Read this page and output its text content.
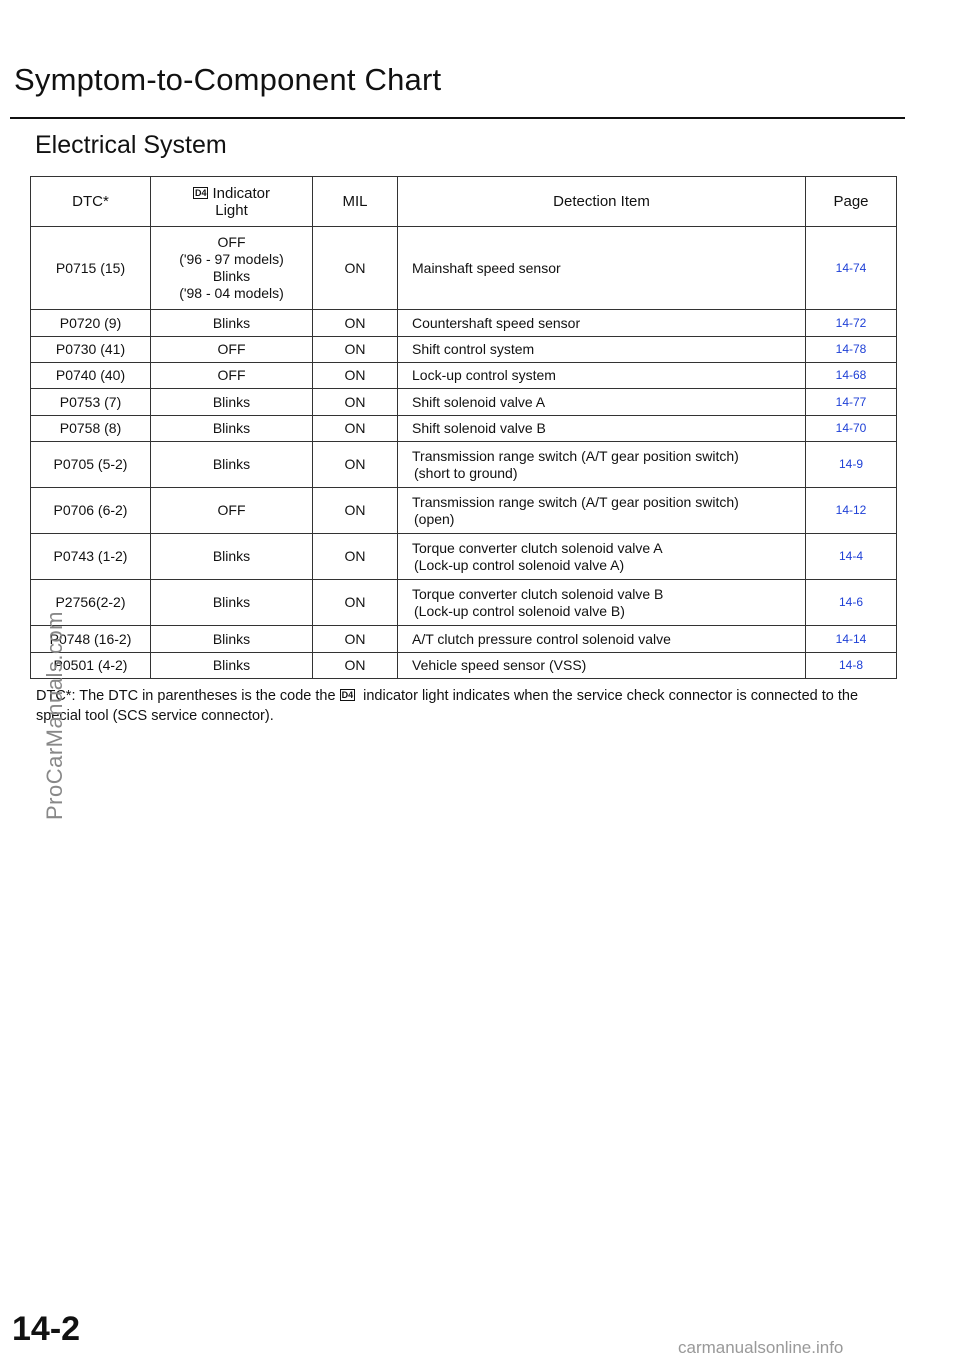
Symptom-to-Component Chart
Electrical System
DTC*	D4 Indicator
Light	MIL	Detection Item	Page
P0715 (15)	OFF
('96 - 97 models)
Blinks
('98 - 04 models)	ON	Mainshaft speed sensor	14-74
P0720 (9)	Blinks	ON	Countershaft speed sensor	14-72
P0730 (41)	OFF	ON	Shift control system	14-78
P0740 (40)	OFF	ON	Lock-up control system	14-68
P0753 (7)	Blinks	ON	Shift solenoid valve A	14-77
P0758 (8)	Blinks	ON	Shift solenoid valve B	14-70
P0705 (5-2)	Blinks	ON	Transmission range switch (A/T gear position switch)
(short to ground)	14-9
P0706 (6-2)	OFF	ON	Transmission range switch (A/T gear position switch)
(open)	14-12
P0743 (1-2)	Blinks	ON	Torque converter clutch solenoid valve A
(Lock-up control solenoid valve A)	14-4
P2756(2-2)	Blinks	ON	Torque converter clutch solenoid valve B
(Lock-up control solenoid valve B)	14-6
P0748 (16-2)	Blinks	ON	A/T clutch pressure control solenoid valve	14-14
P0501 (4-2)	Blinks	ON	Vehicle speed sensor (VSS)	14-8
DTC*: The DTC in parentheses is the code the D4 indicator light indicates when the service check connector is connected to the special tool (SCS service connector).
ProCarManuals.com
14-2	carmanualsonline.info
